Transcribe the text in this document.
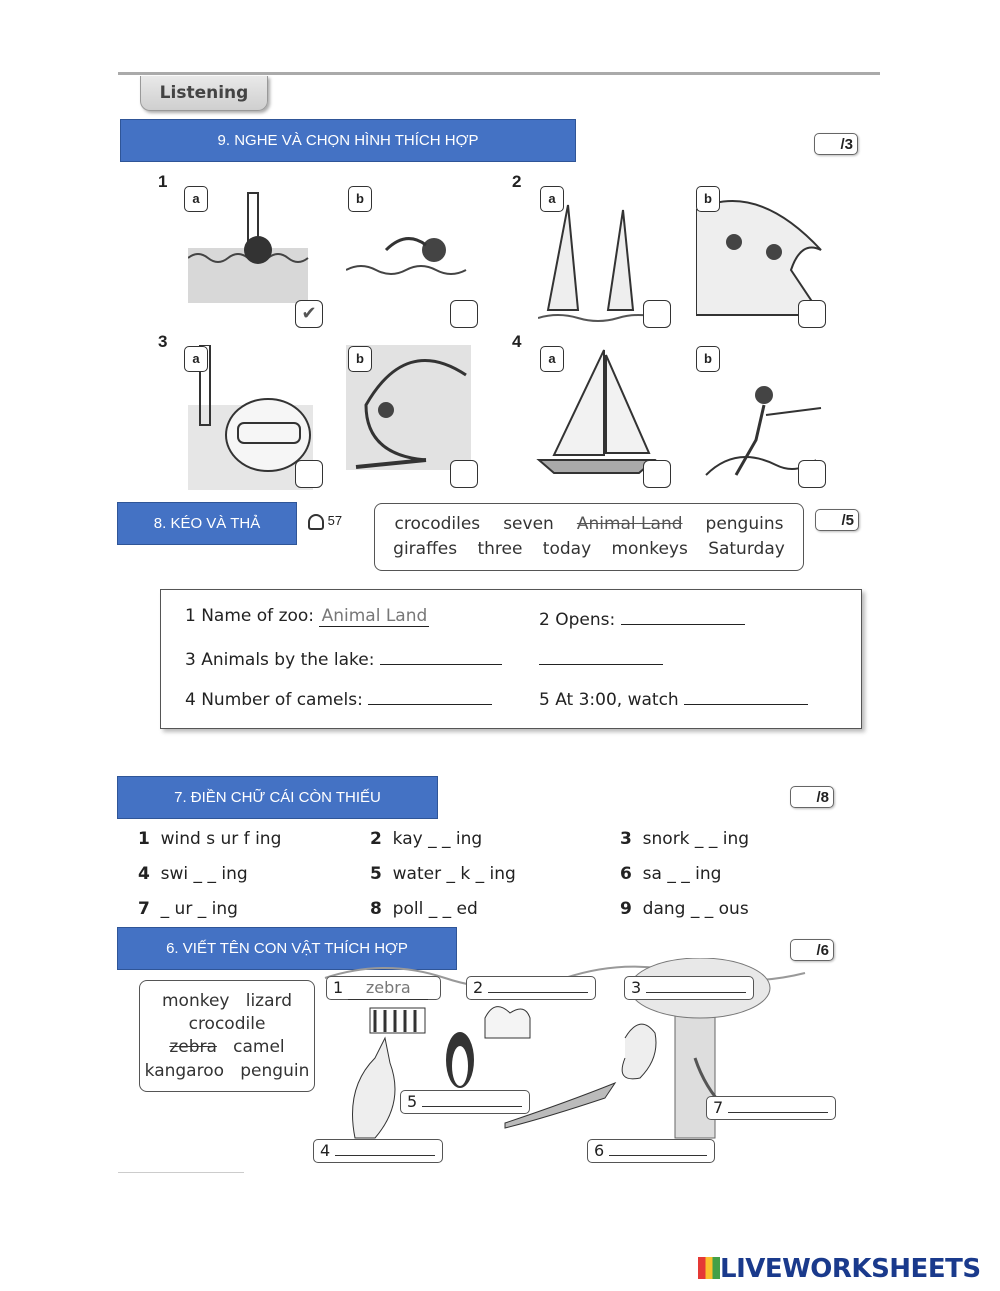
Listening
9. NGHE VÀ CHỌN HÌNH THÍCH HỢP	/3
1	2
3	4
a	b	a	b
a	b	a	b
✔
8. KÉO VÀ THẢ	57	/5
crocodiles seven Animal Land penguins
giraffes three today monkeys Saturday
1 Name of zoo: Animal Land	2 Opens:
3 Animals by the lake:
4 Number of camels:	5 At 3:00, watch
7. ĐIỀN CHỮ CÁI CÒN THIẾU	/8
1 wind s ur f ing	2 kay _ _ ing	3 snork _ _ ing
4 swi _ _ ing	5 water _ k _ ing	6 sa _ _ ing
7 _ ur _ ing	8 poll _ _ ed	9 dang _ _ ous
6. VIẾT TÊN CON VẬT THÍCH HỢP	/6
monkey lizard
crocodile
zebra camel
kangaroo penguin
1 zebra	2	3
4
5
6
7
LIVEWORKSHEETS
